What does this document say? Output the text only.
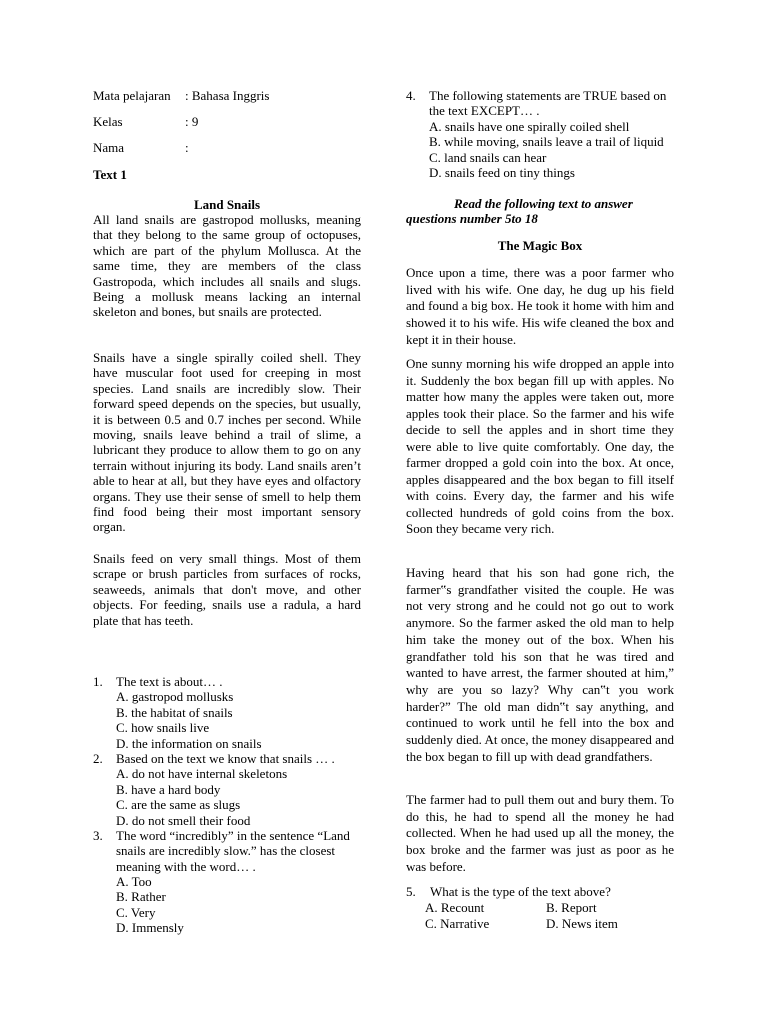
Mata pelajaran : Bahasa Inggris
Kelas	: 9
Nama	:
Text 1
Land Snails

All land snails are gastropod mollusks, meaning that they belong to the same group of octopuses, which are part of the phylum Mollusca. At the same time, they are members of the class Gastropoda, which includes all snails and slugs. Being a mollusk means lacking an internal skeleton and bones, but snails are protected.

Snails have a single spirally coiled shell. They have muscular foot used for creeping in most species. Land snails are incredibly slow. Their forward speed depends on the species, but usually, it is between 0.5 and 0.7 inches per second. While moving, snails leave behind a trail of slime, a lubricant they produce to allow them to go on any terrain without injuring its body. Land snails aren’t able to hear at all, but they have eyes and olfactory organs. They use their sense of smell to help them find food being their most important sensory organ.

Snails feed on very small things. Most of them scrape or brush particles from surfaces of rocks, seaweeds, animals that don't move, and other objects. For feeding, snails use a radula, a hard plate that has teeth.

1. The text is about… .
A. gastropod mollusks
B. the habitat of snails
C. how snails live
D. the information on snails
2. Based on the text we know that snails … .
A. do not have internal skeletons
B. have a hard body
C. are the same as slugs
D. do not smell their food
3. The word “incredibly” in the sentence “Land snails are incredibly slow.” has the closest meaning with the word… .
A. Too
B. Rather
C. Very
D. Immensly
4. The following statements are TRUE based on the text EXCEPT… .
A. snails have one spirally coiled shell
B. while moving, snails leave a trail of liquid
C. land snails can hear
D. snails feed on tiny things
Read the following text to answer questions number 5to 18
The Magic Box

Once upon a time, there was a poor farmer who lived with his wife. One day, he dug up his field and found a big box. He took it home with him and showed it to his wife. His wife cleaned the box and kept it in their house.

One sunny morning his wife dropped an apple into it. Suddenly the box began fill up with apples. No matter how many the apples were taken out, more apples took their place. So the farmer and his wife decide to sell the apples and in short time they were able to live quite comfortably. One day, the farmer dropped a gold coin into the box. At once, apples disappeared and the box began to fill itself with coins. Every day, the farmer and his wife collected hundreds of gold coins from the box. Soon they became very rich.

Having heard that his son had gone rich, the farmer‟s grandfather visited the couple. He was not very strong and he could not go out to work anymore. So the farmer asked the old man to help him take the money out of the box. When his grandfather told his son that he was tired and wanted to have arrest, the farmer shouted at him,” why are you so lazy? Why can‟t you work harder?” The old man didn‟t say anything, and continued to work until he fell into the box and suddenly died. At once, the money disappeared and the box began to fill up with dead grandfathers.

The farmer had to pull them out and bury them. To do this, he had to spend all the money he had collected. When he had used up all the money, the box broke and the farmer was just as poor as he was before.

5. What is the type of the text above?
A. Recount	B. Report
C. Narrative	D. News item
